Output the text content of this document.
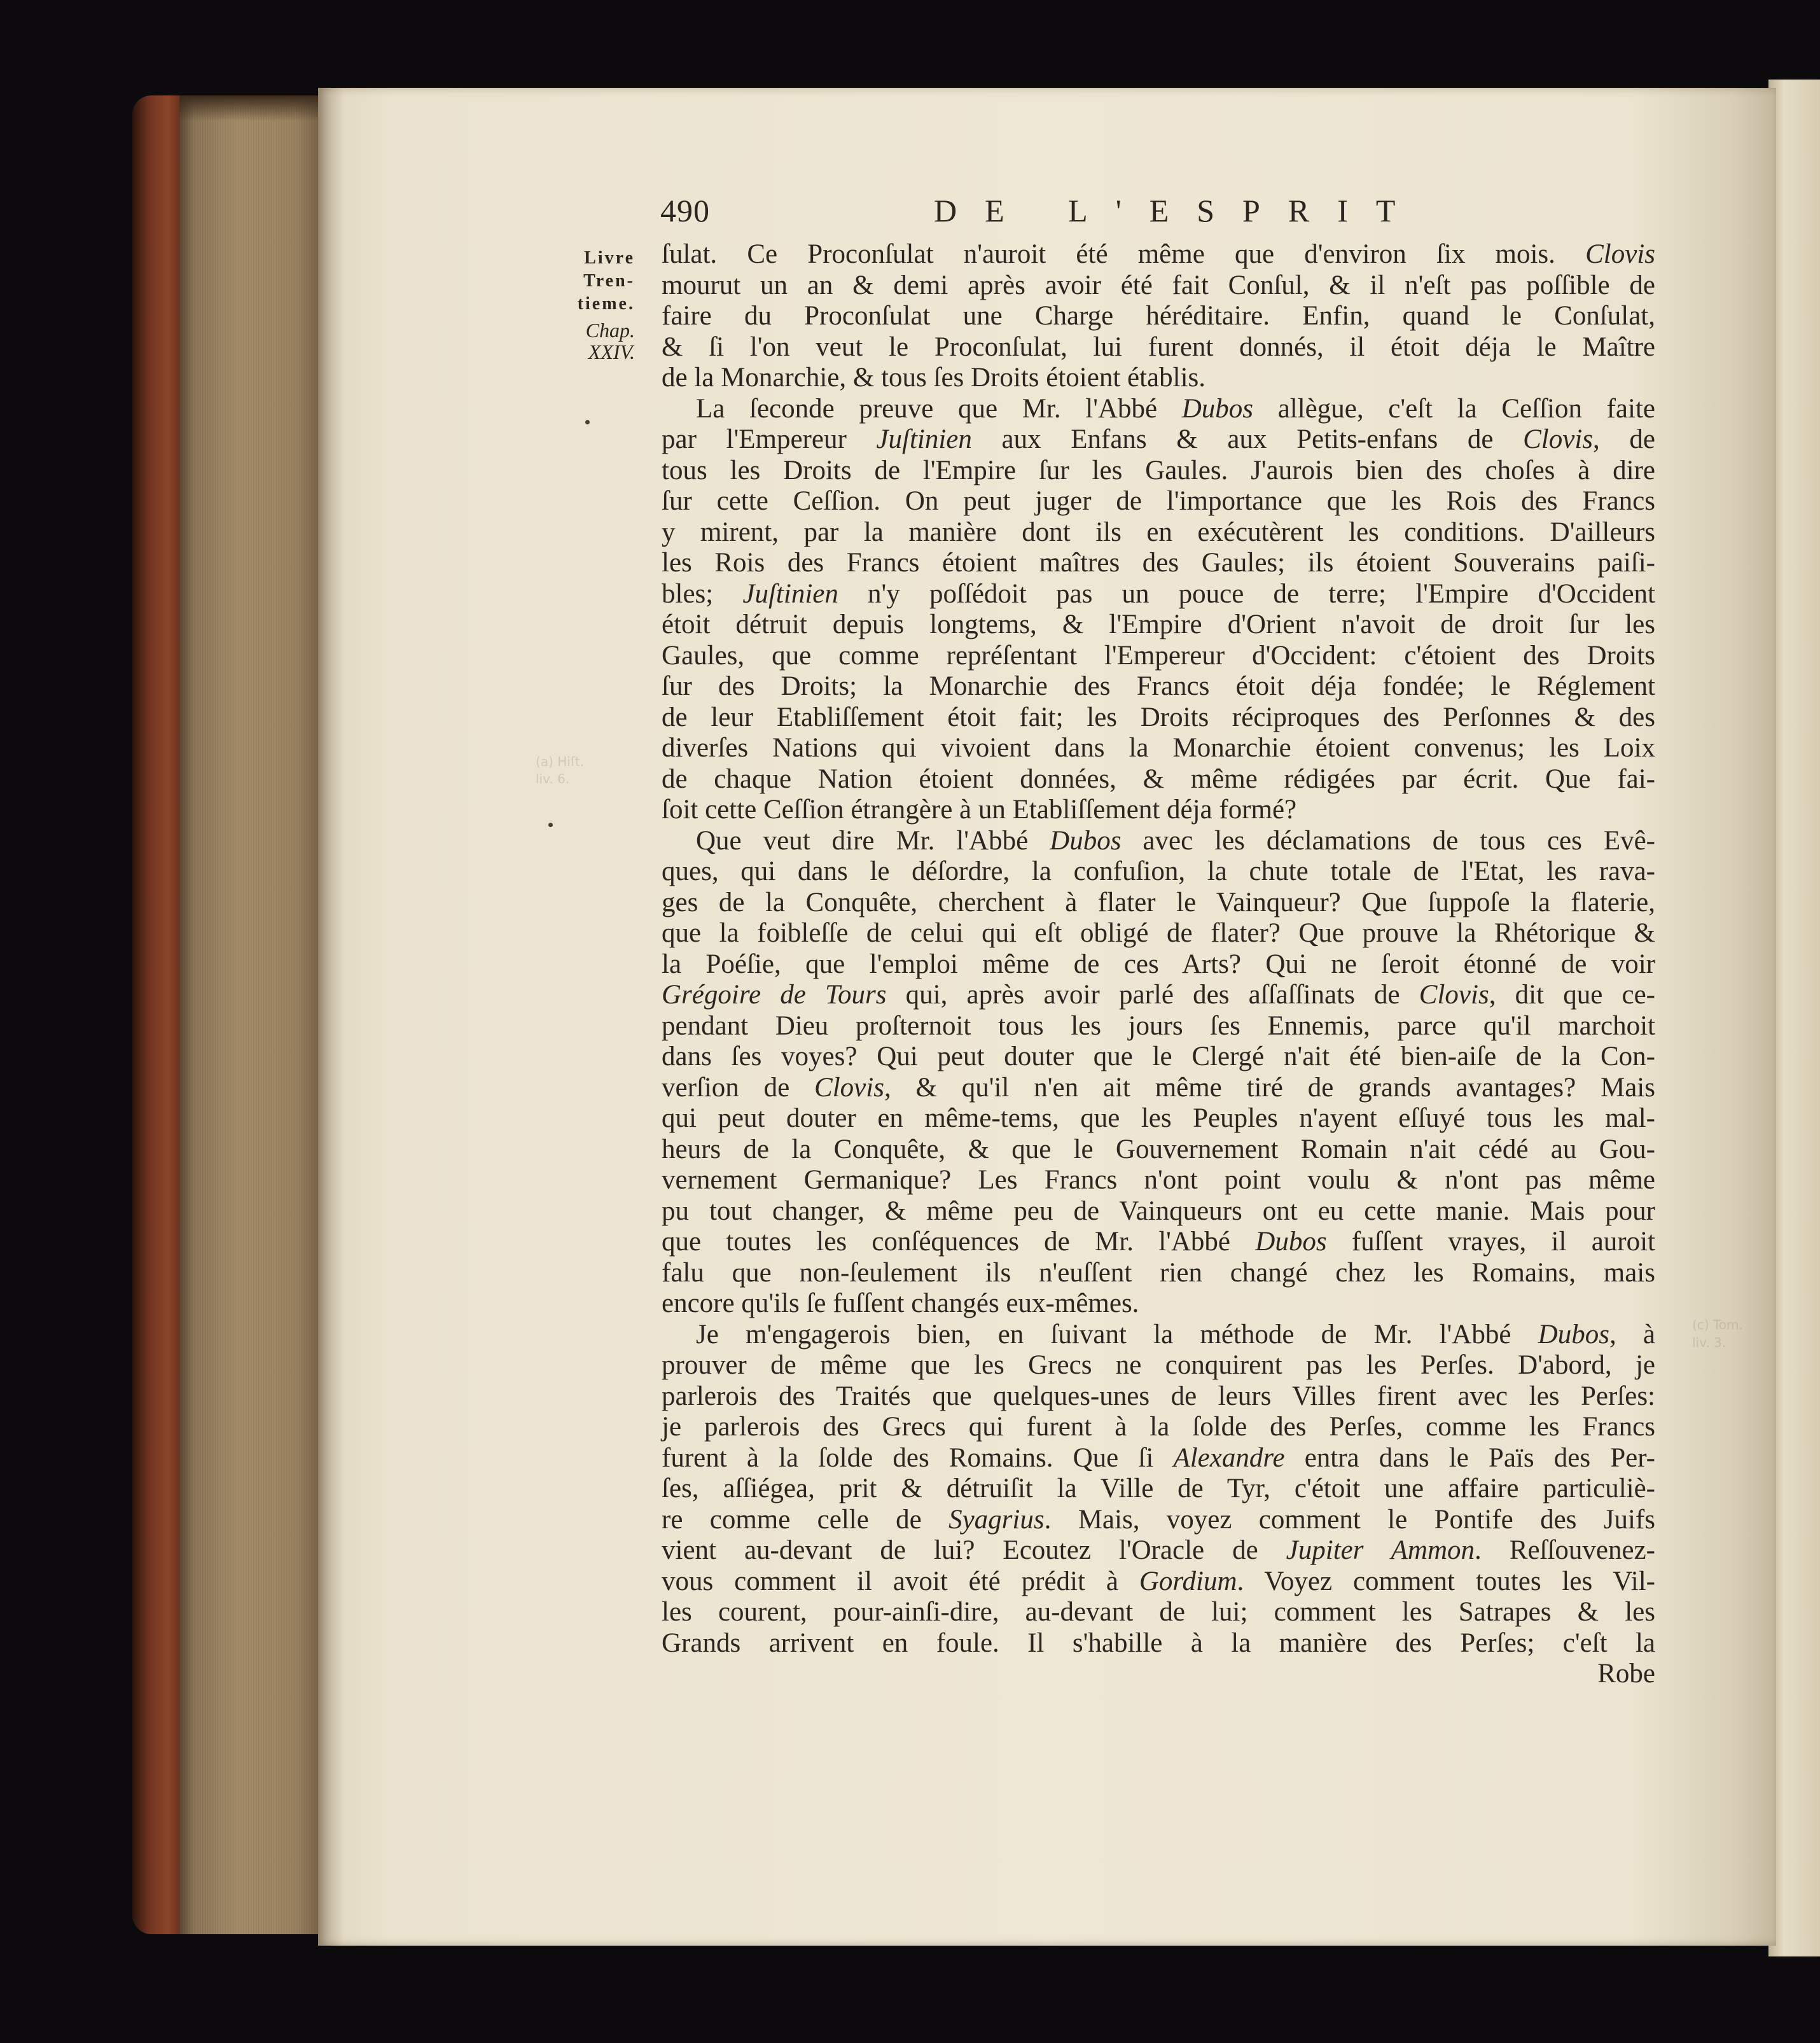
(a) Hiſt.
liv. 6.
(c) Tom.
liv. 3.
490	DE L'ESPRIT
Livre
Tren-
tieme.
Chap.
XXIV.
ſulat. Ce Proconſulat n'auroit été même que d'environ ſix mois. Clovis
mourut un an & demi après avoir été fait Conſul, & il n'eſt pas poſſible de
faire du Proconſulat une Charge héréditaire. Enfin, quand le Conſulat,
& ſi l'on veut le Proconſulat, lui furent donnés, il étoit déja le Maître
de la Monarchie, & tous ſes Droits étoient établis.
La ſeconde preuve que Mr. l'Abbé Dubos allègue, c'eſt la Ceſſion faite
par l'Empereur Juſtinien aux Enfans & aux Petits-enfans de Clovis, de
tous les Droits de l'Empire ſur les Gaules. J'aurois bien des choſes à dire
ſur cette Ceſſion. On peut juger de l'importance que les Rois des Francs
y mirent, par la manière dont ils en exécutèrent les conditions. D'ailleurs
les Rois des Francs étoient maîtres des Gaules; ils étoient Souverains paiſi-
bles; Juſtinien n'y poſſédoit pas un pouce de terre; l'Empire d'Occident
étoit détruit depuis longtems, & l'Empire d'Orient n'avoit de droit ſur les
Gaules, que comme repréſentant l'Empereur d'Occident: c'étoient des Droits
ſur des Droits; la Monarchie des Francs étoit déja fondée; le Réglement
de leur Etabliſſement étoit fait; les Droits réciproques des Perſonnes & des
diverſes Nations qui vivoient dans la Monarchie étoient convenus; les Loix
de chaque Nation étoient données, & même rédigées par écrit. Que fai-
ſoit cette Ceſſion étrangère à un Etabliſſement déja formé?
Que veut dire Mr. l'Abbé Dubos avec les déclamations de tous ces Evê-
ques, qui dans le déſordre, la confuſion, la chute totale de l'Etat, les rava-
ges de la Conquête, cherchent à flater le Vainqueur? Que ſuppoſe la flaterie,
que la foibleſſe de celui qui eſt obligé de flater? Que prouve la Rhétorique &
la Poéſie, que l'emploi même de ces Arts? Qui ne ſeroit étonné de voir
Grégoire de Tours qui, après avoir parlé des aſſaſſinats de Clovis, dit que ce-
pendant Dieu proſternoit tous les jours ſes Ennemis, parce qu'il marchoit
dans ſes voyes? Qui peut douter que le Clergé n'ait été bien-aiſe de la Con-
verſion de Clovis, & qu'il n'en ait même tiré de grands avantages? Mais
qui peut douter en même-tems, que les Peuples n'ayent eſſuyé tous les mal-
heurs de la Conquête, & que le Gouvernement Romain n'ait cédé au Gou-
vernement Germanique? Les Francs n'ont point voulu & n'ont pas même
pu tout changer, & même peu de Vainqueurs ont eu cette manie. Mais pour
que toutes les conſéquences de Mr. l'Abbé Dubos fuſſent vrayes, il auroit
falu que non-ſeulement ils n'euſſent rien changé chez les Romains, mais
encore qu'ils ſe fuſſent changés eux-mêmes.
Je m'engagerois bien, en ſuivant la méthode de Mr. l'Abbé Dubos, à
prouver de même que les Grecs ne conquirent pas les Perſes. D'abord, je
parlerois des Traités que quelques-unes de leurs Villes firent avec les Perſes:
je parlerois des Grecs qui furent à la ſolde des Perſes, comme les Francs
furent à la ſolde des Romains. Que ſi Alexandre entra dans le Païs des Per-
ſes, aſſiégea, prit & détruiſit la Ville de Tyr, c'étoit une affaire particuliè-
re comme celle de Syagrius. Mais, voyez comment le Pontife des Juifs
vient au-devant de lui? Ecoutez l'Oracle de Jupiter Ammon. Reſſouvenez-
vous comment il avoit été prédit à Gordium. Voyez comment toutes les Vil-
les courent, pour-ainſi-dire, au-devant de lui; comment les Satrapes & les
Grands arrivent en foule. Il s'habille à la manière des Perſes; c'eſt la
Robe
